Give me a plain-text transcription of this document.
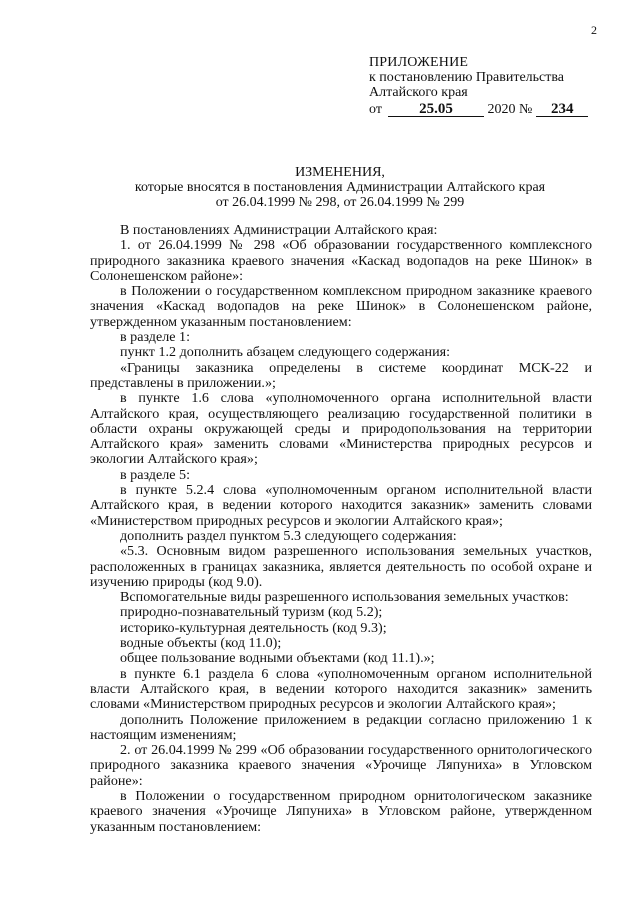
2
ПРИЛОЖЕНИЕ
к постановлению Правительства
Алтайского края
от 25.05 2020 № 234
ИЗМЕНЕНИЯ,
которые вносятся в постановления Администрации Алтайского края
от 26.04.1999 № 298, от 26.04.1999 № 299

В постановлениях Администрации Алтайского края:

1. от 26.04.1999 № 298 «Об образовании государственного комплексного природного заказника краевого значения «Каскад водопадов на реке Шинок» в Солонешенском районе»:

в Положении о государственном комплексном природном заказнике краевого значения «Каскад водопадов на реке Шинок» в Солонешенском районе, утвержденном указанным постановлением:

в разделе 1:

пункт 1.2 дополнить абзацем следующего содержания:

«Границы заказника определены в системе координат МСК-22 и представлены в приложении.»;

в пункте 1.6 слова «уполномоченного органа исполнительной власти Алтайского края, осуществляющего реализацию государственной политики в области охраны окружающей среды и природопользования на территории Алтайского края» заменить словами «Министерства природных ресурсов и экологии Алтайского края»;

в разделе 5:

в пункте 5.2.4 слова «уполномоченным органом исполнительной власти Алтайского края, в ведении которого находится заказник» заменить словами «Министерством природных ресурсов и экологии Алтайского края»;

дополнить раздел пунктом 5.3 следующего содержания:

«5.3. Основным видом разрешенного использования земельных участков, расположенных в границах заказника, является деятельность по особой охране и изучению природы (код 9.0).

Вспомогательные виды разрешенного использования земельных участков:

природно-познавательный туризм (код 5.2);

историко-культурная деятельность (код 9.3);

водные объекты (код 11.0);

общее пользование водными объектами (код 11.1).»;

в пункте 6.1 раздела 6 слова «уполномоченным органом исполнительной власти Алтайского края, в ведении которого находится заказник» заменить словами «Министерством природных ресурсов и экологии Алтайского края»;

дополнить Положение приложением в редакции согласно приложению 1 к настоящим изменениям;

2. от 26.04.1999 № 299 «Об образовании государственного орнитологического природного заказника краевого значения «Урочище Ляпуниха» в Угловском районе»:

в Положении о государственном природном орнитологическом заказнике краевого значения «Урочище Ляпуниха» в Угловском районе, утвержденном указанным постановлением:
